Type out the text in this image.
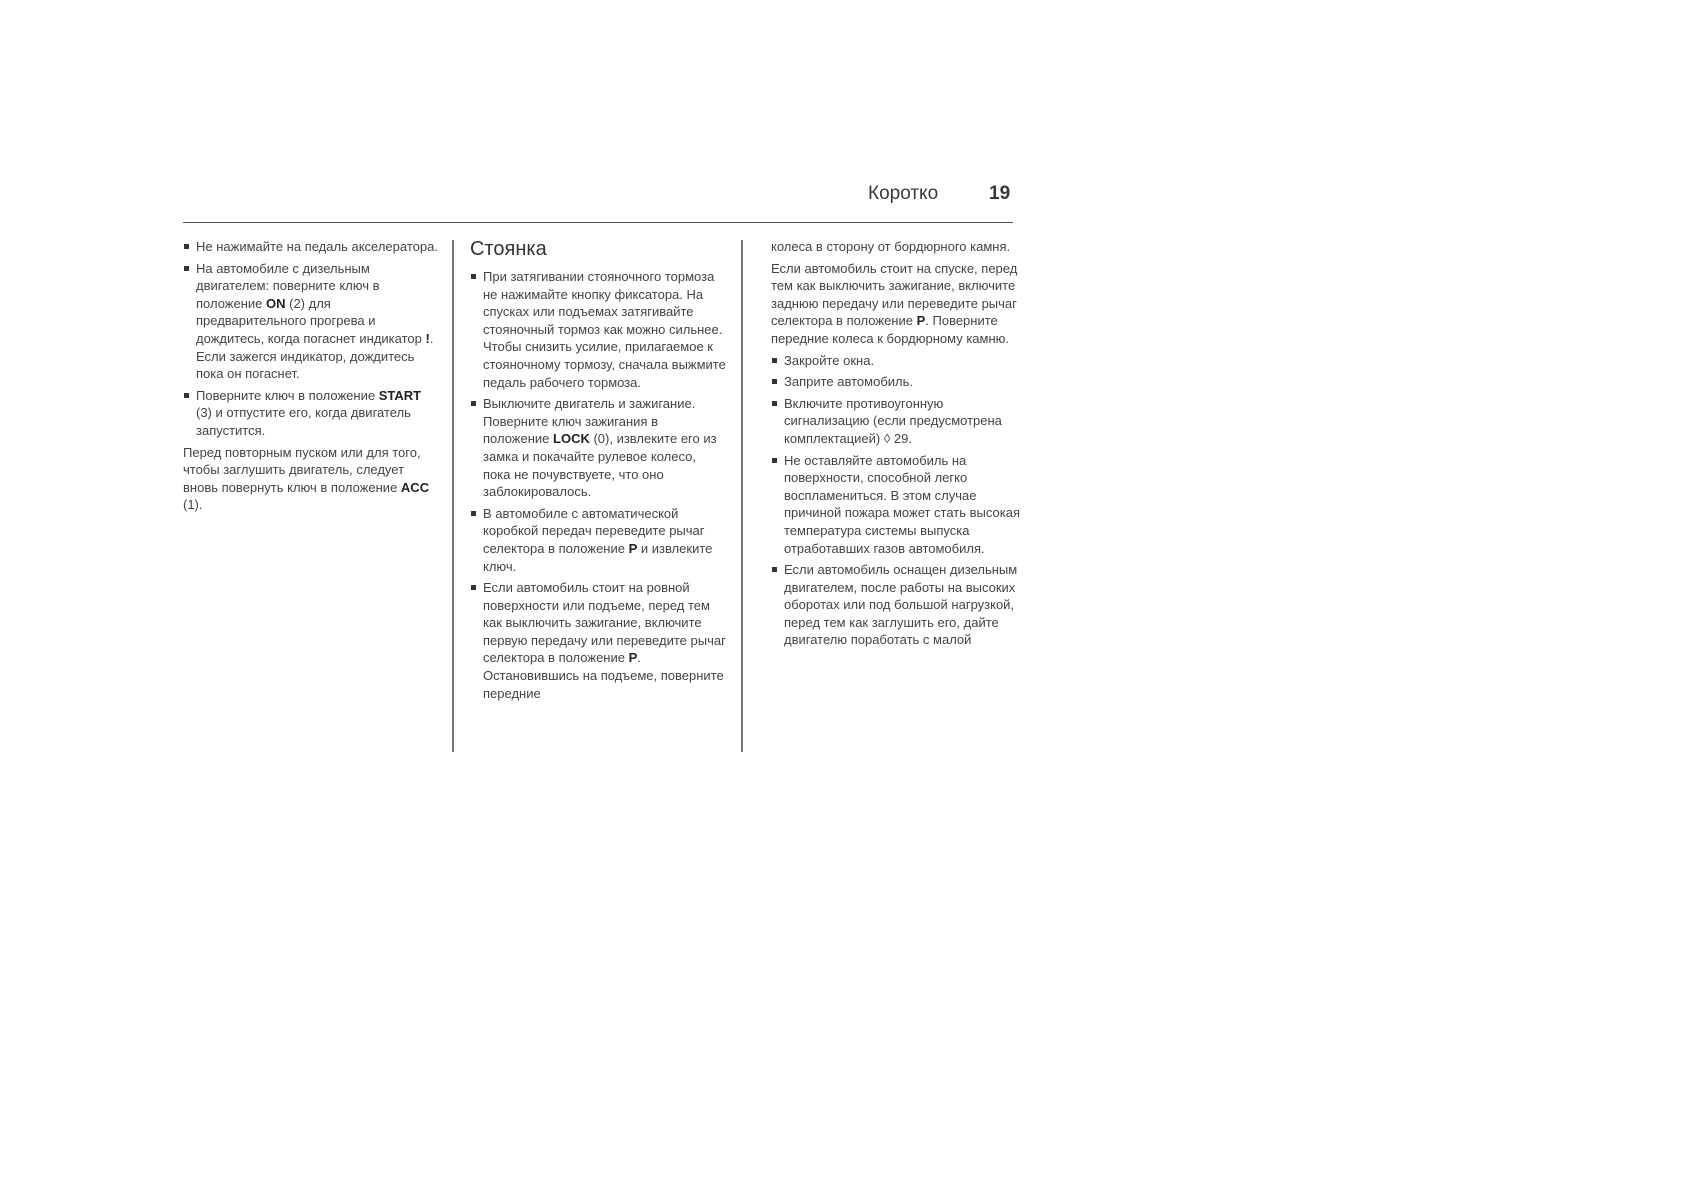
Коротко	19
Не нажимайте на педаль акселератора.
На автомобиле с дизельным двигателем: поверните ключ в положение ON (2) для предварительного прогрева и дождитесь, когда погаснет индикатор !. Если зажегся индикатор, дождитесь пока он погаснет.
Поверните ключ в положение START (3) и отпустите его, когда двигатель запустится.

Перед повторным пуском или для того, чтобы заглушить двигатель, следует вновь повернуть ключ в положение ACC (1).

Стоянка
При затягивании стояночного тормоза не нажимайте кнопку фиксатора. На спусках или подъемах затягивайте стояночный тормоз как можно сильнее. Чтобы снизить усилие, прилагаемое к стояночному тормозу, сначала выжмите педаль рабочего тормоза.
Выключите двигатель и зажигание. Поверните ключ зажигания в положение LOCK (0), извлеките его из замка и покачайте рулевое колесо, пока не почувствуете, что оно заблокировалось.
В автомобиле с автоматической коробкой передач переведите рычаг селектора в положение P и извлеките ключ.
Если автомобиль стоит на ровной поверхности или подъеме, перед тем как выключить зажигание, включите первую передачу или переведите рычаг селектора в положение P. Остановившись на подъеме, поверните передние

колеса в сторону от бордюрного камня.

Если автомобиль стоит на спуске, перед тем как выключить зажигание, включите заднюю передачу или переведите рычаг селектора в положение P. Поверните передние колеса к бордюрному камню.

Закройте окна.
Заприте автомобиль.
Включите противоугонную сигнализацию (если предусмотрена комплектацией) ◊ 29.
Не оставляйте автомобиль на поверхности, способной легко воспламениться. В этом случае причиной пожара может стать высокая температура системы выпуска отработавших газов автомобиля.
Если автомобиль оснащен дизельным двигателем, после работы на высоких оборотах или под большой нагрузкой, перед тем как заглушить его, дайте двигателю поработать с малой
